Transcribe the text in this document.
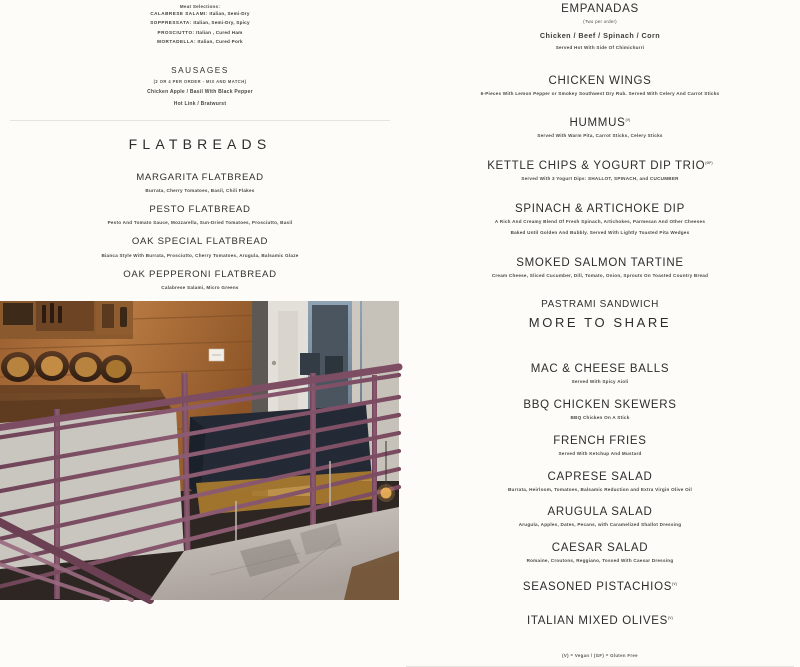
Meat Selections:
CALABRESE SALAMI: Italian, Semi-Dry
SOPPRESSATA: Italian, Semi-Dry, Spicy
PROSCIUTTO: Italian , Cured Ham
MORTADELLA: Italian, Cured Pork
SAUSAGES
(2 OR 4 PER ORDER - MIX AND MATCH)
Chicken Apple / Basil With Black Pepper
Hot Link / Bratwurst
FLATBREADS
MARGARITA FLATBREAD
Burrata, Cherry Tomatoes, Basil, Chili Flakes
PESTO FLATBREAD
Pesto And Tomato Sauce, Mozzarella, Sun-Dried Tomatoes, Prosciutto, Basil
OAK SPECIAL FLATBREAD
Bianca Style With Burrata, Prosciutto, Cherry Tomatoes, Arugula, Balsamic Glaze
OAK PEPPERONI FLATBREAD
Calabrese Salami, Micro Greens
EMPANADAS
(Two per order)
Chicken / Beef / Spinach / Corn
Served Hot With Side Of Chimichurri
CHICKEN WINGS
6-Pieces With Lemon Pepper or Smokey Southwest Dry Rub. Served With Celery And Carrot Sticks
$HUMMUS^{(V)}$
Served With Warm Pita, Carrot Sticks, Celery Sticks
KETTLE CHIPS & YOGURT DIP $TRIO^{(GF)}$
Served With 3 Yogurt Dips: SHALLOT, SPINACH, and CUCUMBER
SPINACH & ARTICHOKE DIP
A Rich And Creamy Blend Of Fresh Spinach, Artichokes, Parmesan And Other Cheeses
Baked Until Golden And Bubbly. Served With Lightly Toasted Pita Wedges
SMOKED SALMON TARTINE
Cream Cheese, Sliced Cucumber, Dill, Tomato, Onion, Sprouts On Toasted Country Bread
PASTRAMI SANDWICH
MORE TO SHARE
MAC & CHEESE BALLS
Served With Spicy Aioli
BBQ CHICKEN SKEWERS
BBQ Chicken On A Stick
FRENCH FRIES
Served With Ketchup And Mustard
CAPRESE SALAD
Burrata, Heirloom, Tomatoes, Balsamic Reduction and Extra Virgin Olive Oil
ARUGULA SALAD
Arugula, Apples, Dates, Pecans, with Caramelized Shallot Dressing
CAESAR SALAD
Romaine, Croutons, Reggiano, Tossed With Caesar Dressing
SEASONED $PISTACHIOS^{(V)}$
ITALIAN MIXED $OLIVES^{(V)}$
(V) = Vegan / (GF) = Gluten Free
